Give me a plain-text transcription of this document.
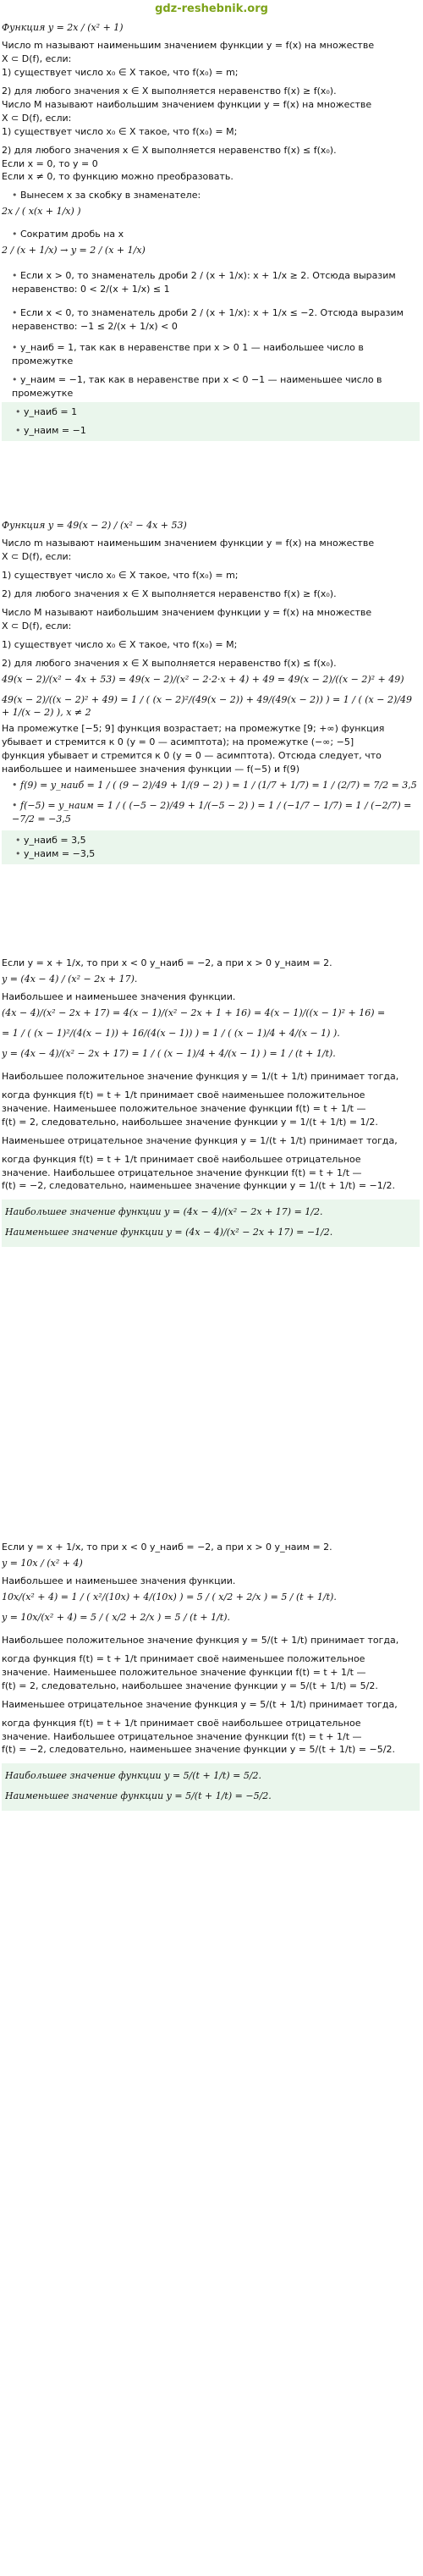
gdz-reshebnik.org
Функция y = 2x / (x² + 1)
Число m называют наименьшим значением функции y = f(x) на множестве
X ⊂ D(f), если:
1) существует число x₀ ∈ X такое, что f(x₀) = m;
2) для любого значения x ∈ X выполняется неравенство f(x) ≥ f(x₀).
Число M называют наибольшим значением функции y = f(x) на множестве
X ⊂ D(f), если:
1) существует число x₀ ∈ X такое, что f(x₀) = M;
2) для любого значения x ∈ X выполняется неравенство f(x) ≤ f(x₀).
Если x = 0, то y = 0
Если x ≠ 0, то функцию можно преобразовать.
• Вынесем x за скобку в знаменателе:
2x / ( x(x + 1/x) )
• Сократим дробь на x
2 / (x + 1/x) → y = 2 / (x + 1/x)
• Если x > 0, то знаменатель дроби 2 / (x + 1/x): x + 1/x ≥ 2. Отсюда выразим неравенство: 0 < 2/(x + 1/x) ≤ 1
• Если x < 0, то знаменатель дроби 2 / (x + 1/x): x + 1/x ≤ −2. Отсюда выразим неравенство: −1 ≤ 2/(x + 1/x) < 0
• y_наиб = 1, так как в неравенстве при x > 0 1 — наибольшее число в промежутке
• y_наим = −1, так как в неравенстве при x < 0 −1 — наименьшее число в промежутке
• y_наиб = 1
• y_наим = −1
Функция y = 49(x − 2) / (x² − 4x + 53)
Число m называют наименьшим значением функции y = f(x) на множестве
X ⊂ D(f), если:
1) существует число x₀ ∈ X такое, что f(x₀) = m;
2) для любого значения x ∈ X выполняется неравенство f(x) ≥ f(x₀).
Число M называют наибольшим значением функции y = f(x) на множестве
X ⊂ D(f), если:
1) существует число x₀ ∈ X такое, что f(x₀) = M;
2) для любого значения x ∈ X выполняется неравенство f(x) ≤ f(x₀).
49(x − 2)/(x² − 4x + 53) = 49(x − 2)/(x² − 2·2·x + 4) + 49 = 49(x − 2)/((x − 2)² + 49)
49(x − 2)/((x − 2)² + 49) = 1 / ( (x − 2)²/(49(x − 2)) + 49/(49(x − 2)) ) = 1 / ( (x − 2)/49 + 1/(x − 2) ), x ≠ 2
На промежутке [−5; 9] функция возрастает; на промежутке [9; +∞) функция
убывает и стремится к 0 (y = 0 — асимптота); на промежутке (−∞; −5]
функция убывает и стремится к 0 (y = 0 — асимптота). Отсюда следует, что
наибольшее и наименьшее значения функции — f(−5) и f(9)
• f(9) = y_наиб = 1 / ( (9 − 2)/49 + 1/(9 − 2) ) = 1 / (1/7 + 1/7) = 1 / (2/7) = 7/2 = 3,5
• f(−5) = y_наим = 1 / ( (−5 − 2)/49 + 1/(−5 − 2) ) = 1 / (−1/7 − 1/7) = 1 / (−2/7) = −7/2 = −3,5
• y_наиб = 3,5
• y_наим = −3,5
Если y = x + 1/x, то при x < 0 y_наиб = −2, а при x > 0 y_наим = 2.
y = (4x − 4) / (x² − 2x + 17).
Наибольшее и наименьшее значения функции.
(4x − 4)/(x² − 2x + 17) = 4(x − 1)/(x² − 2x + 1 + 16) = 4(x − 1)/((x − 1)² + 16) =
= 1 / ( (x − 1)²/(4(x − 1)) + 16/(4(x − 1)) ) = 1 / ( (x − 1)/4 + 4/(x − 1) ).
y = (4x − 4)/(x² − 2x + 17) = 1 / ( (x − 1)/4 + 4/(x − 1) ) = 1 / (t + 1/t).
Наибольшее положительное значение функция y = 1/(t + 1/t) принимает тогда,
когда функция f(t) = t + 1/t принимает своё наименьшее положительное
значение. Наименьшее положительное значение функции f(t) = t + 1/t —
f(t) = 2, следовательно, наибольшее значение функции y = 1/(t + 1/t) = 1/2.
Наименьшее отрицательное значение функция y = 1/(t + 1/t) принимает тогда,
когда функция f(t) = t + 1/t принимает своё наибольшее отрицательное
значение. Наибольшее отрицательное значение функции f(t) = t + 1/t —
f(t) = −2, следовательно, наименьшее значение функции y = 1/(t + 1/t) = −1/2.
Наибольшее значение функции y = (4x − 4)/(x² − 2x + 17) = 1/2.
Наименьшее значение функции y = (4x − 4)/(x² − 2x + 17) = −1/2.
Если y = x + 1/x, то при x < 0 y_наиб = −2, а при x > 0 y_наим = 2.
y = 10x / (x² + 4)
Наибольшее и наименьшее значения функции.
10x/(x² + 4) = 1 / ( x²/(10x) + 4/(10x) ) = 5 / ( x/2 + 2/x ) = 5 / (t + 1/t).
y = 10x/(x² + 4) = 5 / ( x/2 + 2/x ) = 5 / (t + 1/t).
Наибольшее положительное значение функция y = 5/(t + 1/t) принимает тогда,
когда функция f(t) = t + 1/t принимает своё наименьшее положительное
значение. Наименьшее положительное значение функции f(t) = t + 1/t —
f(t) = 2, следовательно, наибольшее значение функции y = 5/(t + 1/t) = 5/2.
Наименьшее отрицательное значение функция y = 5/(t + 1/t) принимает тогда,
когда функция f(t) = t + 1/t принимает своё наибольшее отрицательное
значение. Наибольшее отрицательное значение функции f(t) = t + 1/t —
f(t) = −2, следовательно, наименьшее значение функции y = 5/(t + 1/t) = −5/2.
Наибольшее значение функции y = 5/(t + 1/t) = 5/2.
Наименьшее значение функции y = 5/(t + 1/t) = −5/2.
